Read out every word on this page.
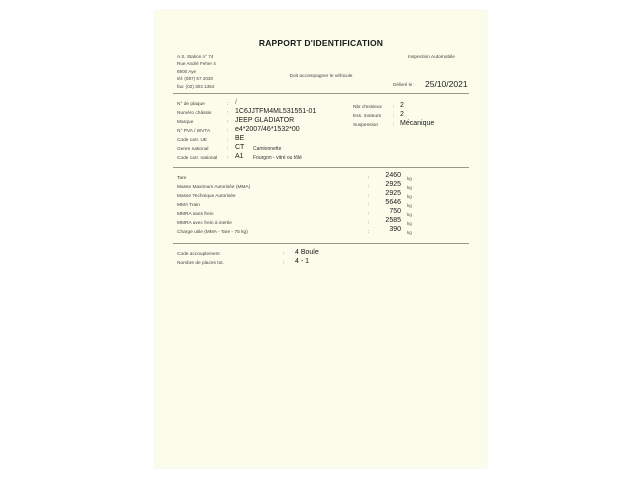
RAPPORT D'IDENTIFICATION
A.S. Station n° 74
Rue André Feher 4
6900 Aye
tél: (087) 57 2030
fax: (02) 303 1354
Inspection Automobile
Doit accompagner le véhicule
Délivré le : 25/10/2021
N° de plaque	: /
Numéro châssis	: 1C6JJTFM4ML531551-01
Marque	: JEEP GLADIATOR
N° PVA / WVTA	: e4*2007/46*1532*00
Code carr. UE	: BE
Genre national	: CT Camionnette
Code carr. national : A1 Fourgon - vitré ou tôlé
Nbr d'essieux : 2
Ess. moteurs : 2
Suspension	: Mécanique
Tare	:	2460 kg
Masse Maximum Autorisée (MMA)	:	2925 kg
Masse Technique Autorisée	:	2925 kg
MMA Train	:	5646 kg
MMRA sans frein	:	750 kg
MMRA avec frein à inertie	:	2585 kg
Charge utile (MMA - Tare - 75 kg)	:	390 kg
Code accouplement	: 4 Boule
Nombre de places tot.	: 4 - 1
